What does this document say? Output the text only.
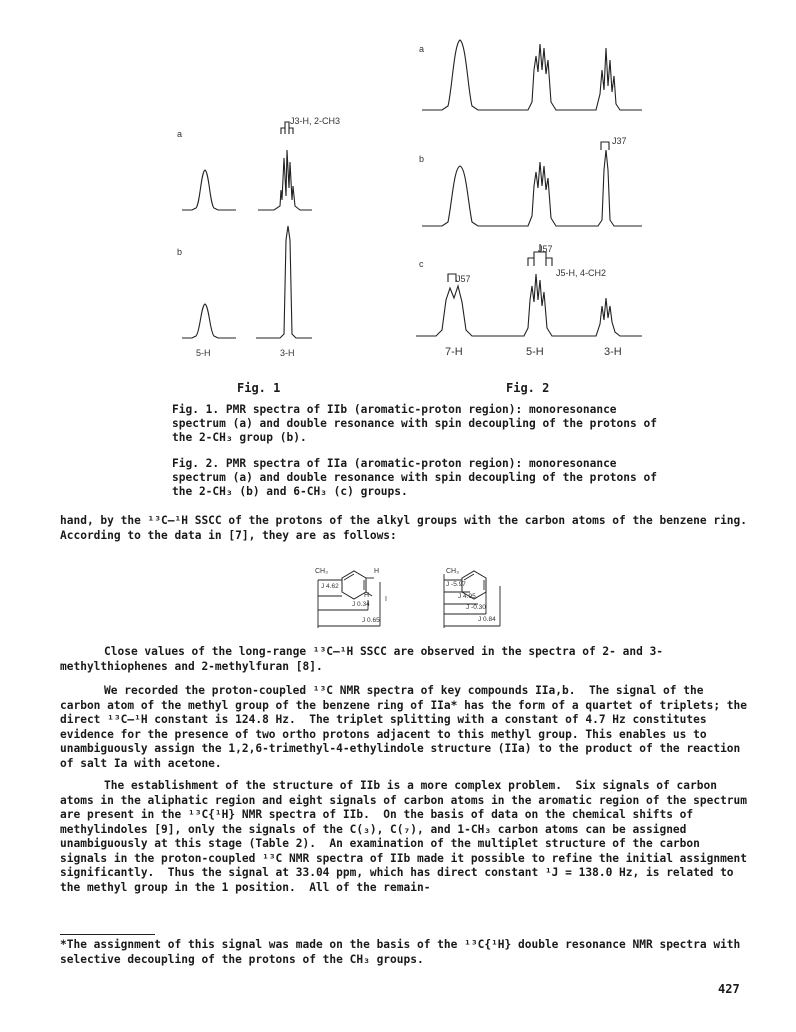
a
b
J3-H, 2-CH3
5-H	3-H
Fig. 1
a
b
c
J37
J57
J57
J5-H, 4-CH2
7-H	5-H	3-H
Fig. 2
Fig. 1. PMR spectra of IIb (aromatic-proton region): monoresonance spectrum (a) and double resonance with spin decoupling of the protons of the 2-CH₃ group (b).
Fig. 2. PMR spectra of IIa (aromatic-proton region): monoresonance spectrum (a) and double resonance with spin decoupling of the protons of the 2-CH₃ (b) and 6-CH₃ (c) groups.
hand, by the ¹³C—¹H SSCC of the protons of the alkyl groups with the carbon atoms of the benzene ring.  According to the data in [7], they are as follows:
CH₃	H
H
I
J 4.62
J 0.34
J 0.65
CH₃
J -5.97
J 4.95
J -0.30
J 0.84
Close values of the long-range ¹³C—¹H SSCC are observed in the spectra of 2- and 3-methylthiophenes and 2-methylfuran [8].
We recorded the proton-coupled ¹³C NMR spectra of key compounds IIa,b.  The signal of the carbon atom of the methyl group of the benzene ring of IIa* has the form of a quartet of triplets; the direct ¹³C—¹H constant is 124.8 Hz.  The triplet splitting with a constant of 4.7 Hz constitutes evidence for the presence of two ortho protons adjacent to this methyl group. This enables us to unambiguously assign the 1,2,6-trimethyl-4-ethylindole structure (IIa) to the product of the reaction of salt Ia with acetone.
The establishment of the structure of IIb is a more complex problem.  Six signals of carbon atoms in the aliphatic region and eight signals of carbon atoms in the aromatic region of the spectrum are present in the ¹³C{¹H} NMR spectra of IIb.  On the basis of data on the chemical shifts of methylindoles [9], only the signals of the C(₃), C(₇), and 1-CH₃ carbon atoms can be assigned unambiguously at this stage (Table 2).  An examination of the multiplet structure of the carbon signals in the proton-coupled ¹³C NMR spectra of IIb made it possible to refine the initial assignment significantly.  Thus the signal at 33.04 ppm, which has direct constant ¹J = 138.0 Hz, is related to the methyl group in the 1 position.  All of the remain-
*The assignment of this signal was made on the basis of the ¹³C{¹H} double resonance NMR spectra with selective decoupling of the protons of the CH₃ groups.
427
